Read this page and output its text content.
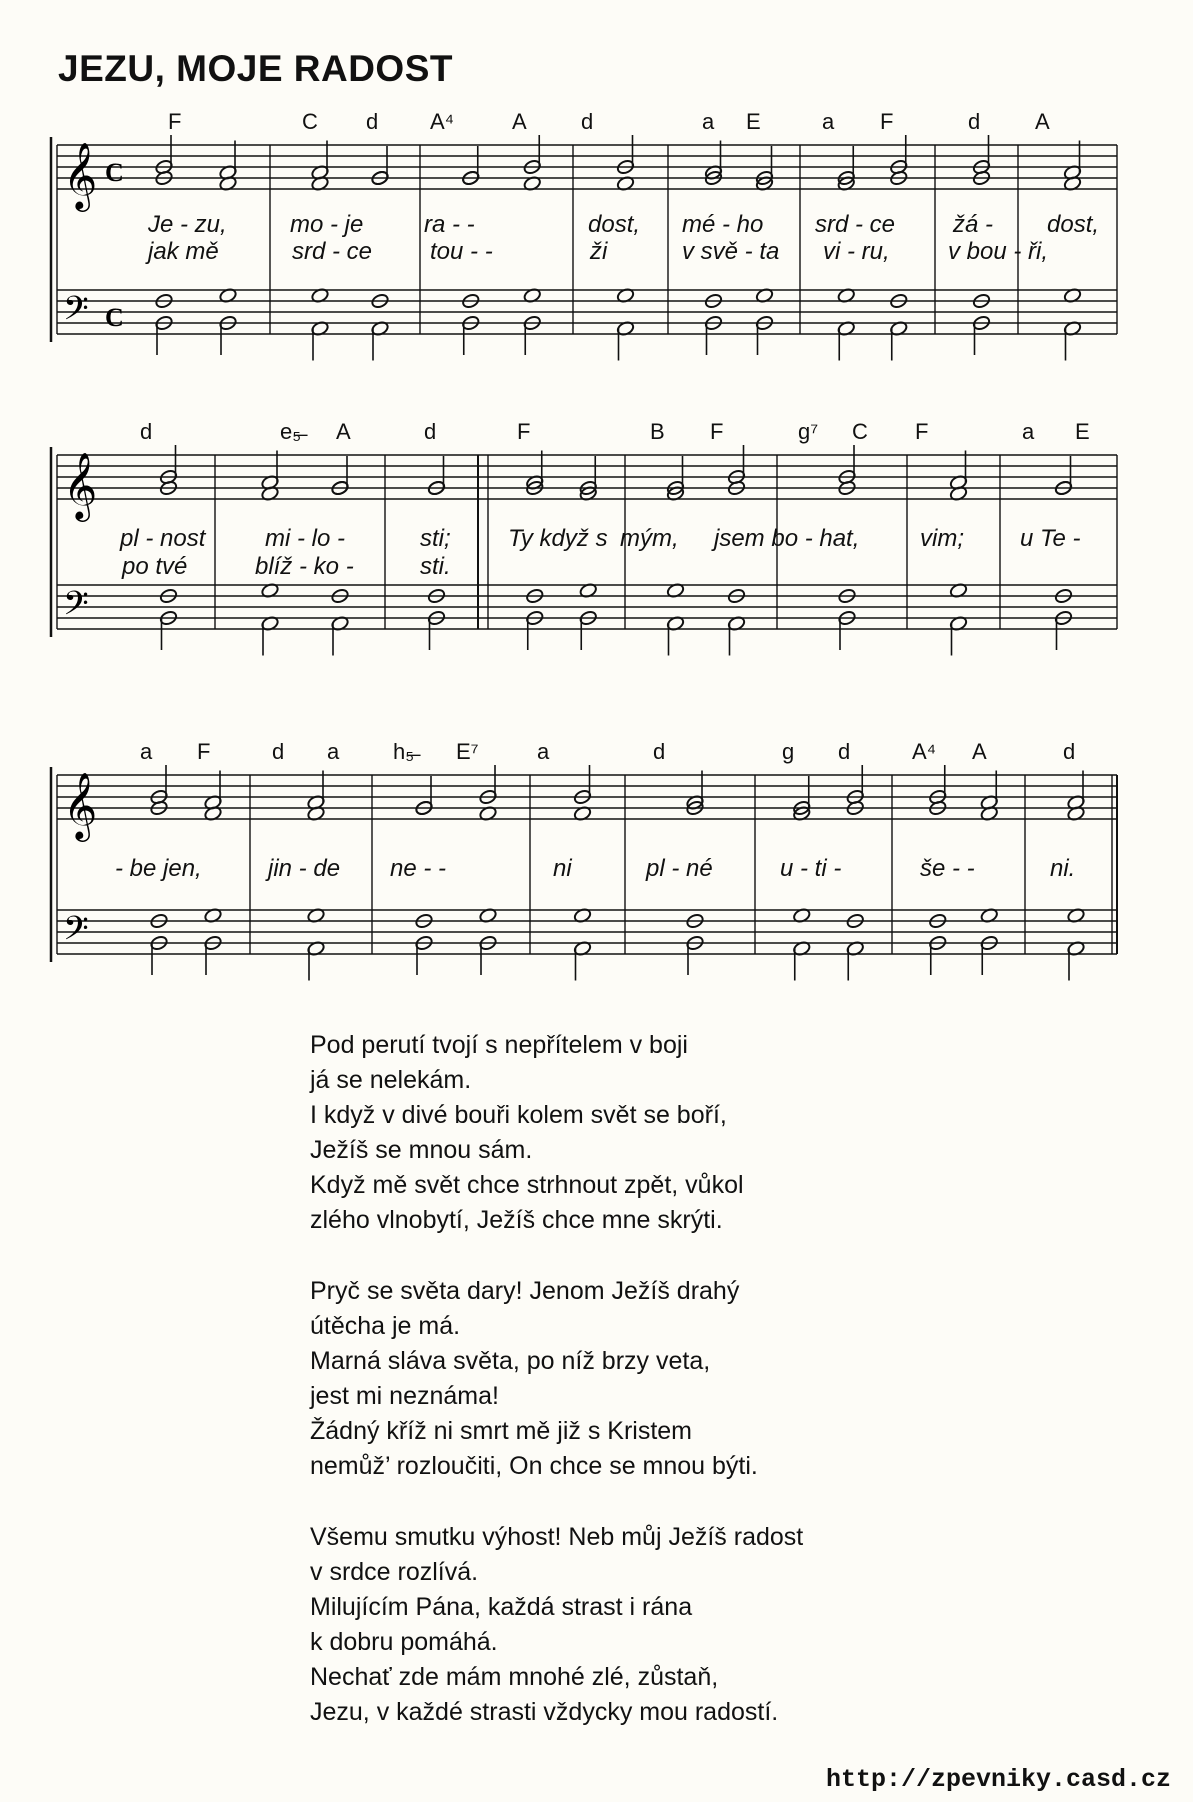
JEZU, MOJE RADOST
𝄞
𝄢
C
C
F	C d A⁴	A d	a E	a F	d A
Je - zu,	mo - je	ra - -	dost, mé - ho srd - ce žá - dost,
jak mě	srd - ce tou - -	ži	v svě - ta vi - ru, v bou - ři,
𝄞
𝄢
d	e₅̶ A	d	F	B F	g⁷ C F	a E
pl - nost mi - lo -	sti; Ty když s mým, jsem bo - hat,	vim; u Te -
po tvé	blíž - ko -	sti.
𝄞
𝄢
a F	d a h₅̶ E⁷	a	d	g d	A⁴ A	d
- be jen,	jin - de ne - -	ni	pl - né	u - ti -	še - -	ni.
Pod perutí tvojí s nepřítelem v boji
já se nelekám.
I když v divé bouři kolem svět se boří,
Ježíš se mnou sám.
Když mě svět chce strhnout zpět, vůkol
zlého vlnobytí, Ježíš chce mne skrýti.
Pryč se světa dary! Jenom Ježíš drahý
útěcha je má.
Marná sláva světa, po níž brzy veta,
jest mi neznáma!
Žádný kříž ni smrt mě již s Kristem
nemůž’ rozloučiti, On chce se mnou býti.
Všemu smutku výhost! Neb můj Ježíš radost
v srdce rozlívá.
Milujícím Pána, každá strast i rána
k dobru pomáhá.
Nechať zde mám mnohé zlé, zůstaň,
Jezu, v každé strasti vždycky mou radostí.
http://zpevniky.casd.cz
